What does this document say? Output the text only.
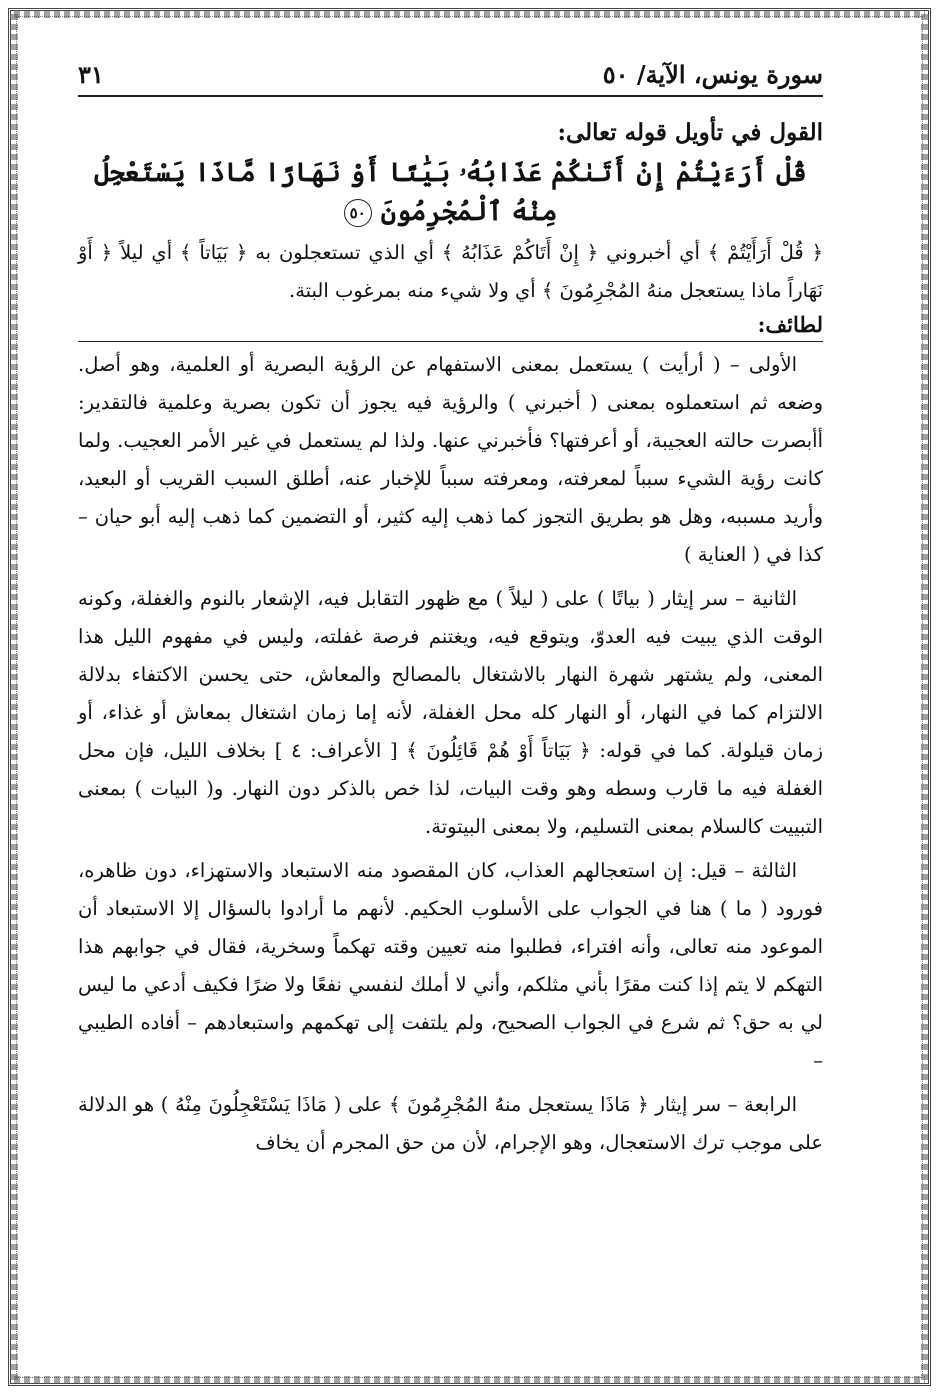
سورة يونس، الآية/ ٥٠
٣١
القول في تأويل قوله تعالى:
قُلْ أَرَءَيْتُمْ إِنْ أَتَىٰكُمْ عَذَابُهُۥ بَيَٰتًا أَوْ نَهَارًا مَّاذَا يَسْتَعْجِلُ مِنْهُ ٱلْمُجْرِمُونَ ٥٠

﴿ قُلْ أَرَأَيْتُمْ ﴾ أي أخبروني ﴿ إِنْ أَتَاكُمْ عَذَابُهُ ﴾ أي الذي تستعجلون به ﴿ بَيَاتاً ﴾ أي ليلاً ﴿ أَوْ نَهَاراً ماذا يستعجل منهُ المُجْرِمُونَ ﴾ أي ولا شيء منه بمرغوب البتة.

لطائف:

الأولى – ( أرأيت ) يستعمل بمعنى الاستفهام عن الرؤية البصرية أو العلمية، وهو أصل. وضعه ثم استعملوه بمعنى ( أخبرني ) والرؤية فيه يجوز أن تكون بصرية وعلمية فالتقدير: أأبصرت حالته العجيبة، أو أعرفتها؟ فأخبرني عنها. ولذا لم يستعمل في غير الأمر العجيب. ولما كانت رؤية الشيء سبباً لمعرفته، ومعرفته سبباً للإخبار عنه، أطلق السبب القريب أو البعيد، وأريد مسببه، وهل هو بطريق التجوز كما ذهب إليه كثير، أو التضمين كما ذهب إليه أبو حيان – كذا في ( العناية )

الثانية – سر إيثار ( بياتًا ) على ( ليلاً ) مع ظهور التقابل فيه، الإشعار بالنوم والغفلة، وكونه الوقت الذي يبيت فيه العدوّ، ويتوقع فيه، ويغتنم فرصة غفلته، وليس في مفهوم الليل هذا المعنى، ولم يشتهر شهرة النهار بالاشتغال بالمصالح والمعاش، حتى يحسن الاكتفاء بدلالة الالتزام كما في النهار، أو النهار كله محل الغفلة، لأنه إما زمان اشتغال بمعاش أو غذاء، أو زمان قيلولة. كما في قوله: ﴿ بَيَاتاً أَوْ هُمْ قَائِلُونَ ﴾ [ الأعراف: ٤ ] بخلاف الليل، فإن محل الغفلة فيه ما قارب وسطه وهو وقت البيات، لذا خص بالذكر دون النهار. و( البيات ) بمعنى التبييت كالسلام بمعنى التسليم، ولا بمعنى البيتوتة.

الثالثة – قيل: إن استعجالهم العذاب، كان المقصود منه الاستبعاد والاستهزاء، دون ظاهره، فورود ( ما ) هنا في الجواب على الأسلوب الحكيم. لأنهم ما أرادوا بالسؤال إلا الاستبعاد أن الموعود منه تعالى، وأنه افتراء، فطلبوا منه تعيين وقته تهكماً وسخرية، فقال في جوابهم هذا التهكم لا يتم إذا كنت مقرًا بأني مثلكم، وأني لا أملك لنفسي نفعًا ولا ضرًا فكيف أدعي ما ليس لي به حق؟ ثم شرع في الجواب الصحيح، ولم يلتفت إلى تهكمهم واستبعادهم – أفاده الطيبي –

الرابعة – سر إيثار ﴿ مَاذَا يستعجل منهُ المُجْرِمُونَ ﴾ على ( مَاذَا يَسْتَعْجِلُونَ مِنْهُ ) هو الدلالة على موجب ترك الاستعجال، وهو الإجرام، لأن من حق المجرم أن يخاف
